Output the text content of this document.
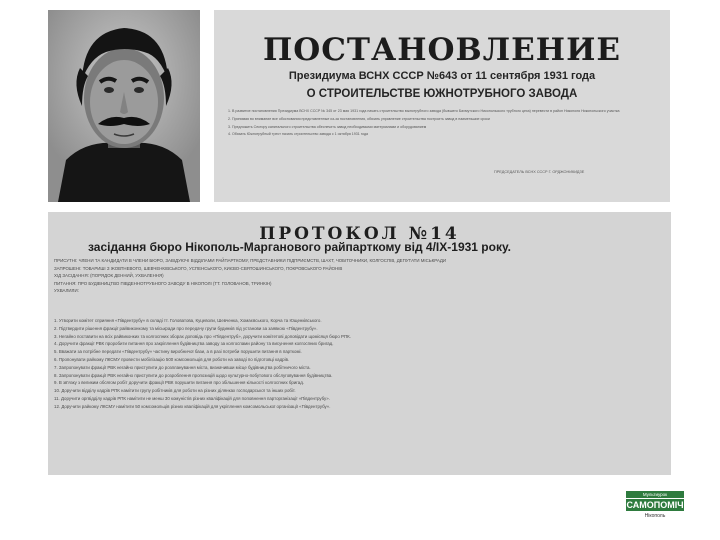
ПОСТАНОВЛЕНИЕ
Президиума ВСНХ СССР №643 от 11 сентября 1931 года
О СТРОИТЕЛЬСТВЕ ЮЖНОТРУБНОГО ЗАВОДА
1. В развитие постановления Президиума ВСНХ СССР № 345 от 23 мая 1931 года начать строительство южнотрубного завода (бывшего Бахмутского Никопольского трубного цеха) перевести в район Никополя Никопольского участка
2. Принимая во внимание все обоснования представленные из-за постановления, обязать управление строительства построить завод в наименьшие сроки
3. Предложить Сектору капитального строительства обеспечить завод необходимыми материалами и оборудованием
4. Обязать Южнотрубный трест начать строительство завода с 1 октября 1931 года
ПРЕДСЕДАТЕЛЬ ВСНХ СССР Г. ОРДЖОНИКИДЗЕ
ПРОТОКОЛ №14
засідання бюро Нікополь-Марганового райпарткому від 4/IX-1931 року.
ПРИСУТНІ: ЧЛЕНИ ТА КАНДИДАТИ В ЧЛЕНИ БЮРО, ЗАВІДУЮЧІ ВІДДІЛАМИ РАЙПАРТКОМУ, ПРЕДСТАВНИКИ ПІДПРИЄМСТВ, ШАХТ, ЧОБІТОЧНИКИ, КОЛГОСПІВ, ДЕПУТАТИ МІСЬКРАДИ
ЗАПРОШЕНІ: ТОВАРИШІ З ЖОВТНЕВОГО, ШЕВЧЕНКІВСЬКОГО, УСПЕНСЬКОГО, КИЄВО-СВЯТОШИНСЬКОГО, ПОКРОВСЬКОГО РАЙОНІВ
ХІД ЗАСІДАННЯ: (ПОРЯДОК ДЕННИЙ, УХВАЛЕННЯ)
ПИТАННЯ: ПРО БУДІВНИЦТВО ПІВДЕННОТРУБНОГО ЗАВОДУ В НІКОПОЛІ (ТТ. ГОЛОВАНОВ, ТРИНКІН)
УХВАЛИЛИ:
1. Утворити комітет сприяння «Південтрубу» в складі тт. Головатова, Куцеволи, Шевченка, Хомаєвського, Корча та Ющенківського.
2. Підтвердити рішення фракції райвиконкому та міськради про передачу групи будинків під установи за заявкою «Південтрубу».
3. Негайно поставити на всіх райвиконких та колгоспних зборах доповідь про «Південтруб», доручити комітетові доповідати щомісяця бюро РПК.
4. Доручити фракції РВК проробити питання про закріплення будівництва заводу за колгоспами району та висунення колгоспних бригад.
5. Вважати за потрібне передати «Південтрубу» частину виробничої бази, а в разі потреби порушити питання в парткомі.
6. Пропонувати райкому ЛКСМУ провести мобілізацію 500 комсомольців для роботи на заводі по підготовці кадрів.
7. Запропонувати фракції РВК негайно приступити до розпланування міста, визначивши місце будівництва робітничого міста.
8. Запропонувати фракції РВК негайно приступити до розроблення пропозицій щодо культурно-побутового обслуговування будівництва.
9. В зв'язку з великим обсягом робіт доручити фракції РВК порушити питання про збільшення кількості колгоспних бригад.
10. Доручити відділу кадрів РПК намітити групу робітників для роботи на різних ділянках господарської та інших робіт.
11. Доручити оргвідділу кадрів РПК намітити не менш 30 комуністів різних кваліфікацій для поповнення парторганізації «Південтрубу».
12. Доручити райкому ЛКСМУ намітити 50 комсомольців різних кваліфікацій для укріплення комсомольської організації «Південтрубу».
Мультиурок
САМОПОМІЧ
Нікополь
